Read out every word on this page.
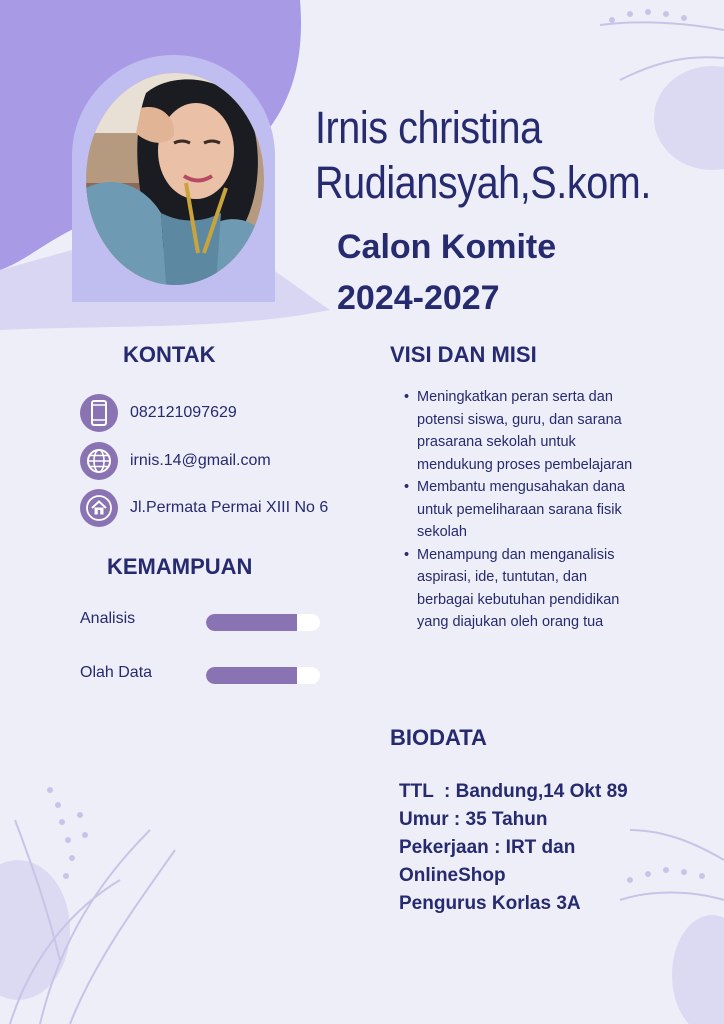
Irnis christina
Rudiansyah,S.kom.
Calon Komite
2024-2027
KONTAK
082121097629
irnis.14@gmail.com
Jl.Permata Permai XIII No 6
KEMAMPUAN
Analisis
Olah Data
VISI DAN MISI
• Meningkatkan peran serta dan potensi siswa, guru, dan sarana prasarana sekolah untuk mendukung proses pembelajaran
• Membantu mengusahakan dana untuk pemeliharaan sarana fisik sekolah
• Menampung dan menganalisis aspirasi, ide, tuntutan, dan berbagai kebutuhan pendidikan yang diajukan oleh orang tua
BIODATA
TTL  : Bandung,14 Okt 89
Umur : 35 Tahun
Pekerjaan : IRT dan
OnlineShop
Pengurus Korlas 3A
